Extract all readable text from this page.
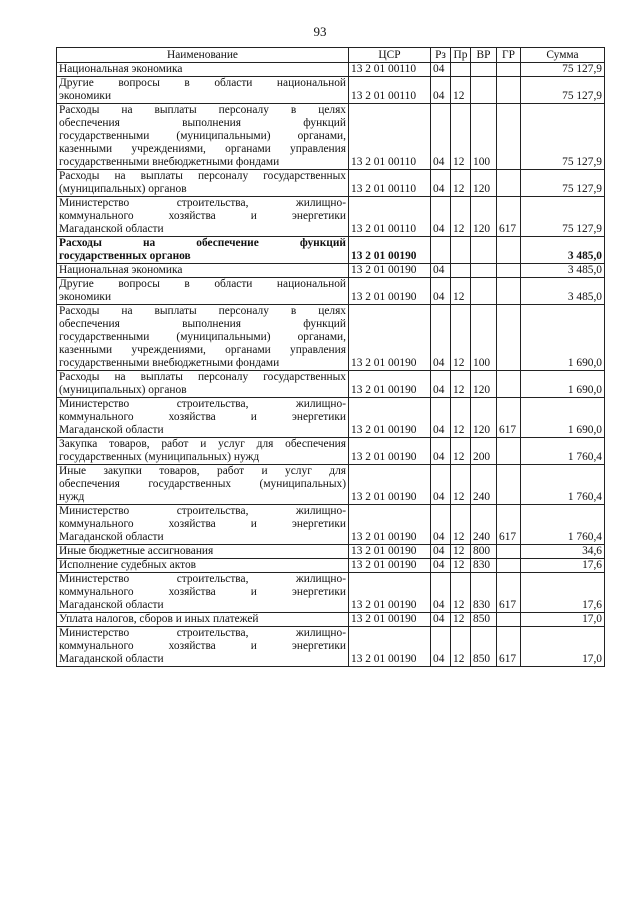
93
Наименование	ЦСР	Рз	Пр	ВР	ГР	Сумма

Национальная экономика	13 2 01 00110	04				75 127,9

Другие вопросы в области национальной
экономики	13 2 01 00110	04	12			75 127,9

Расходы на выплаты персоналу в целях
обеспечения выполнения функций
государственными (муниципальными) органами,
казенными учреждениями, органами управления
государственными внебюджетными фондами	13 2 01 00110	04	12	100		75 127,9

Расходы на выплаты персоналу государственных
(муниципальных) органов	13 2 01 00110	04	12	120		75 127,9

Министерство строительства, жилищно-
коммунального хозяйства и энергетики
Магаданской области	13 2 01 00110	04	12	120	617	75 127,9

Расходы на обеспечение функций
государственных органов	13 2 01 00190					3 485,0

Национальная экономика	13 2 01 00190	04				3 485,0

Другие вопросы в области национальной
экономики	13 2 01 00190	04	12			3 485,0

Расходы на выплаты персоналу в целях
обеспечения выполнения функций
государственными (муниципальными) органами,
казенными учреждениями, органами управления
государственными внебюджетными фондами	13 2 01 00190	04	12	100		1 690,0

Расходы на выплаты персоналу государственных
(муниципальных) органов	13 2 01 00190	04	12	120		1 690,0

Министерство строительства, жилищно-
коммунального хозяйства и энергетики
Магаданской области	13 2 01 00190	04	12	120	617	1 690,0

Закупка товаров, работ и услуг для обеспечения
государственных (муниципальных) нужд	13 2 01 00190	04	12	200		1 760,4

Иные закупки товаров, работ и услуг для
обеспечения государственных (муниципальных)
нужд	13 2 01 00190	04	12	240		1 760,4

Министерство строительства, жилищно-
коммунального хозяйства и энергетики
Магаданской области	13 2 01 00190	04	12	240	617	1 760,4

Иные бюджетные ассигнования	13 2 01 00190	04	12	800		34,6

Исполнение судебных актов	13 2 01 00190	04	12	830		17,6

Министерство строительства, жилищно-
коммунального хозяйства и энергетики
Магаданской области	13 2 01 00190	04	12	830	617	17,6

Уплата налогов, сборов и иных платежей	13 2 01 00190	04	12	850		17,0

Министерство строительства, жилищно-
коммунального хозяйства и энергетики
Магаданской области	13 2 01 00190	04	12	850	617	17,0
